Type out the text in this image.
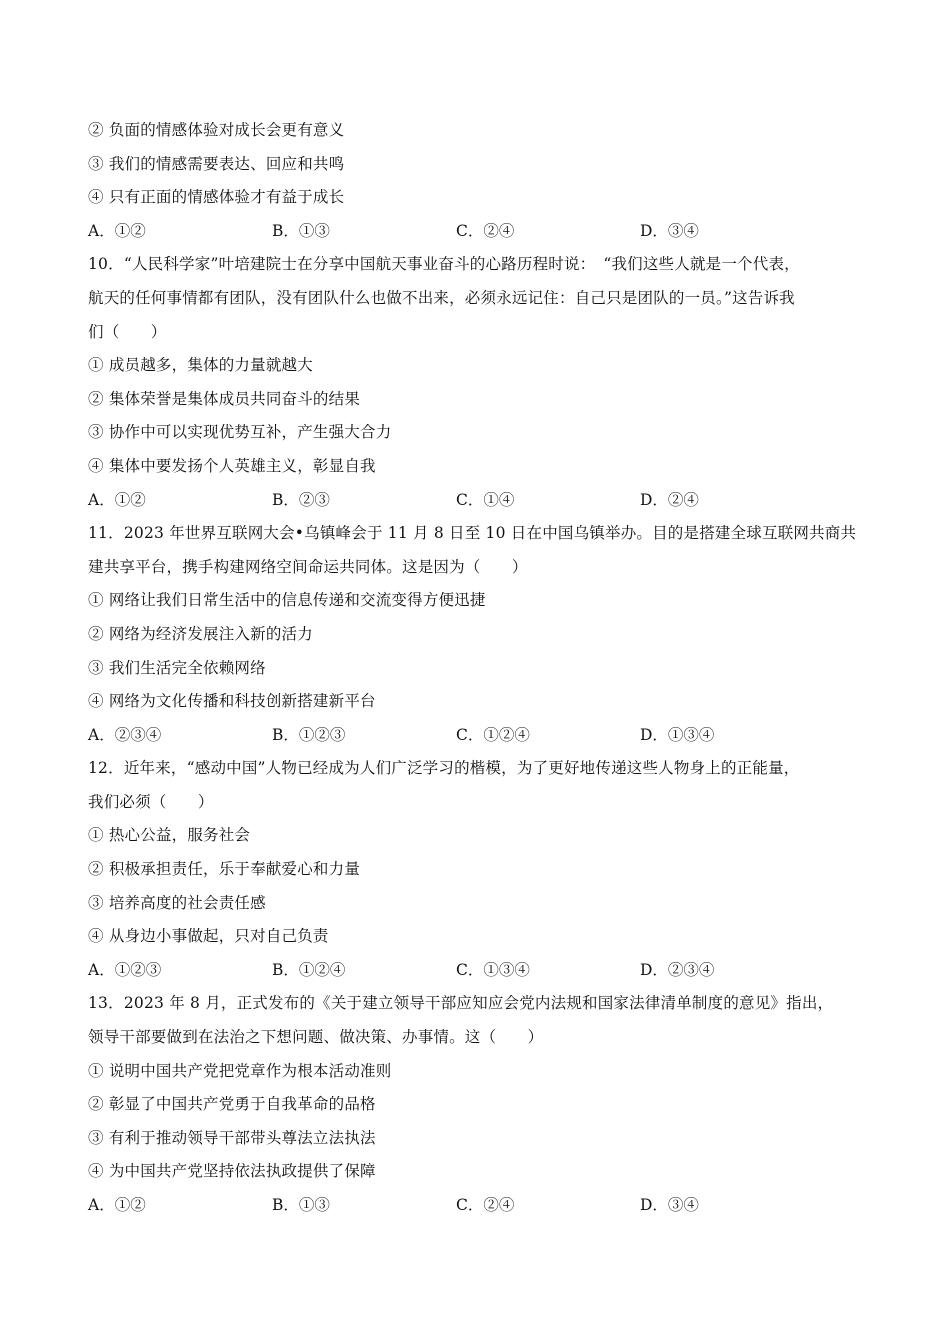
② 负面的情感体验对成长会更有意义
③ 我们的情感需要表达、回应和共鸣
④ 只有正面的情感体验才有益于成长
A．①②	B．①③	C．②④	D．③④
10．“人民科学家”叶培建院士在分享中国航天事业奋斗的心路历程时说：　“我们这些人就是一个代表，
航天的任何事情都有团队，没有团队什么也做不出来，必须永远记住：自己只是团队的一员。”这告诉我
们（　　）
① 成员越多，集体的力量就越大
② 集体荣誉是集体成员共同奋斗的结果
③ 协作中可以实现优势互补，产生强大合力
④ 集体中要发扬个人英雄主义，彰显自我
A．①②	B．②③	C．①④	D．②④
11．2023 年世界互联网大会•乌镇峰会于 11 月 8 日至 10 日在中国乌镇举办。目的是搭建全球互联网共商共
建共享平台，携手构建网络空间命运共同体。这是因为（　　）
① 网络让我们日常生活中的信息传递和交流变得方便迅捷
② 网络为经济发展注入新的活力
③ 我们生活完全依赖网络
④ 网络为文化传播和科技创新搭建新平台
A．②③④	B．①②③	C．①②④	D．①③④
12．近年来，“感动中国”人物已经成为人们广泛学习的楷模，为了更好地传递这些人物身上的正能量，
我们必须（　　）
① 热心公益，服务社会
② 积极承担责任，乐于奉献爱心和力量
③ 培养高度的社会责任感
④ 从身边小事做起，只对自己负责
A．①②③	B．①②④	C．①③④	D．②③④
13．2023 年 8 月，正式发布的《关于建立领导干部应知应会党内法规和国家法律清单制度的意见》指出，
领导干部要做到在法治之下想问题、做决策、办事情。这（　　）
① 说明中国共产党把党章作为根本活动准则
② 彰显了中国共产党勇于自我革命的品格
③ 有利于推动领导干部带头尊法立法执法
④ 为中国共产党坚持依法执政提供了保障
A．①②	B．①③	C．②④	D．③④
